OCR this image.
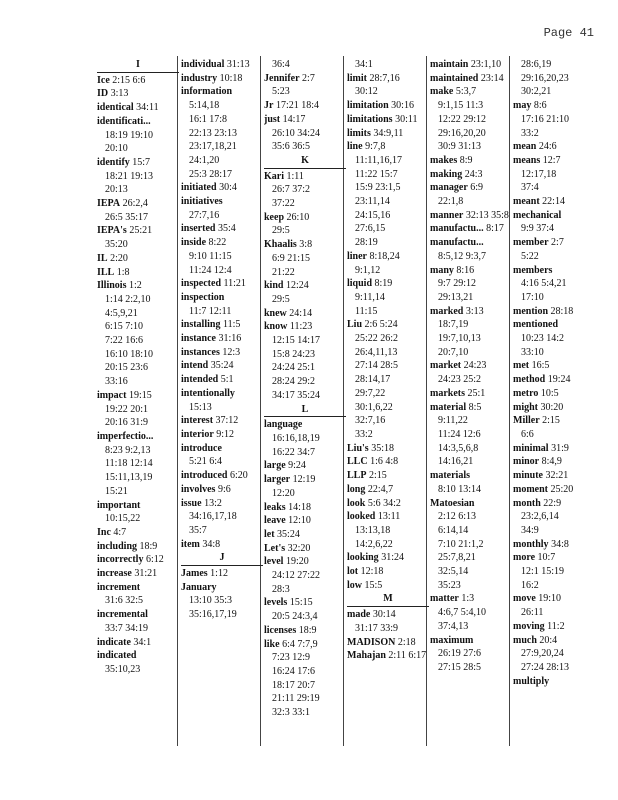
Page 41
I
Ice 2:15 6:6
ID 3:13
identical 34:11
identificati...
18:19 19:10
20:10
identify 15:7
18:21 19:13
20:13
IEPA 26:2,4
26:5 35:17
IEPA's 25:21
35:20
IL 2:20
ILL 1:8
Illinois 1:2
1:14 2:2,10
4:5,9,21
6:15 7:10
7:22 16:6
16:10 18:10
20:15 23:6
33:16
impact 19:15
19:22 20:1
20:16 31:9
imperfectio...
8:23 9:2,13
11:18 12:14
15:11,13,19
15:21
important
10:15,22
Inc 4:7
including 18:9
incorrectly 6:12
increase 31:21
increment
31:6 32:5
incremental
33:7 34:19
indicate 34:1
indicated
35:10,23
individual 31:13
industry 10:18
information
5:14,18
16:1 17:8
22:13 23:13
23:17,18,21
24:1,20
25:3 28:17
initiated 30:4
initiatives
27:7,16
inserted 35:4
inside 8:22
9:10 11:15
11:24 12:4
inspected 11:21
inspection
11:7 12:11
installing 11:5
instance 31:16
instances 12:3
intend 35:24
intended 5:1
intentionally
15:13
interest 37:12
interior 9:12
introduce
5:21 6:4
introduced 6:20
involves 9:6
issue 13:2
34:16,17,18
35:7
item 34:8
J
James 1:12
January
13:10 35:3
35:16,17,19
36:4
Jennifer 2:7
5:23
Jr 17:21 18:4
just 14:17
26:10 34:24
35:6 36:5
K
Kari 1:11
26:7 37:2
37:22
keep 26:10
29:5
Khaalis 3:8
6:9 21:15
21:22
kind 12:24
29:5
knew 24:14
know 11:23
12:15 14:17
15:8 24:23
24:24 25:1
28:24 29:2
34:17 35:24
L
language
16:16,18,19
16:22 34:7
large 9:24
larger 12:19
12:20
leaks 14:18
leave 12:10
let 35:24
Let's 32:20
level 19:20
24:12 27:22
28:3
levels 15:15
20:5 24:3,4
licenses 18:9
like 6:4 7:7,9
7:23 12:9
16:24 17:6
18:17 20:7
21:11 29:19
32:3 33:1
34:1
limit 28:7,16
30:12
limitation 30:16
limitations 30:11
limits 34:9,11
line 9:7,8
11:11,16,17
11:22 15:7
15:9 23:1,5
23:11,14
24:15,16
27:6,15
28:19
liner 8:18,24
9:1,12
liquid 8:19
9:11,14
11:15
Liu 2:6 5:24
25:22 26:2
26:4,11,13
27:14 28:5
28:14,17
29:7,22
30:1,6,22
32:7,16
33:2
Liu's 35:18
LLC 1:6 4:8
LLP 2:15
long 22:4,7
look 5:6 34:2
looked 13:11
13:13,18
14:2,6,22
looking 31:24
lot 12:18
low 15:5
M
made 30:14
31:17 33:9
MADISON 2:18
Mahajan 2:11 6:17
maintain 23:1,10
maintained 23:14
make 5:3,7
9:1,15 11:3
12:22 29:12
29:16,20,20
30:9 31:13
makes 8:9
making 24:3
manager 6:9
22:1,8
manner 32:13 35:8
manufactu... 8:17
manufactu...
8:5,12 9:3,7
many 8:16
9:7 29:12
29:13,21
marked 3:13
18:7,19
19:7,10,13
20:7,10
market 24:23
24:23 25:2
markets 25:1
material 8:5
9:11,22
11:24 12:6
14:3,5,6,8
14:16,21
materials
8:10 13:14
Matoesian
2:12 6:13
6:14,14
7:10 21:1,2
25:7,8,21
32:5,14
35:23
matter 1:3
4:6,7 5:4,10
37:4,13
maximum
26:19 27:6
27:15 28:5
28:6,19
29:16,20,23
30:2,21
may 8:6
17:16 21:10
33:2
mean 24:6
means 12:7
12:17,18
37:4
meant 22:14
mechanical
9:9 37:4
member 2:7
5:22
members
4:16 5:4,21
17:10
mention 28:18
mentioned
10:23 14:2
33:10
met 16:5
method 19:24
metro 10:5
might 30:20
Miller 2:15
6:6
minimal 31:9
minor 8:4,9
minute 32:21
moment 25:20
month 22:9
23:2,6,14
34:9
monthly 34:8
more 10:7
12:1 15:19
16:2
move 19:10
26:11
moving 11:2
much 20:4
27:9,20,24
27:24 28:13
multiply
